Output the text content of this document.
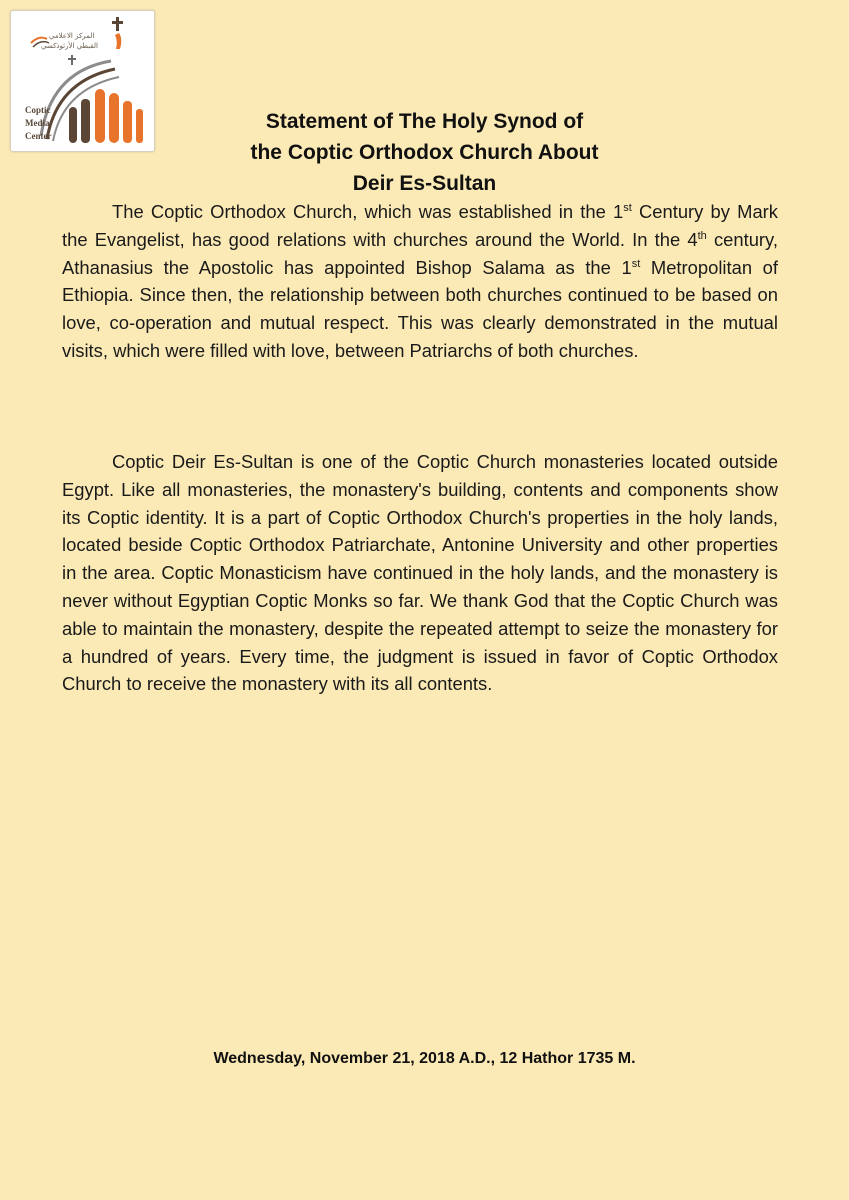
المركز الاعلامي
القبطي الأرثوذكسي
Coptic
Media
Center
Statement of The Holy Synod of
the Coptic Orthodox Church About
Deir Es-Sultan

The Coptic Orthodox Church, which was established in the 1st Century by Mark the Evangelist, has good relations with churches around the World. In the 4th century, Athanasius the Apostolic has appointed Bishop Salama as the 1st Metropolitan of Ethiopia. Since then, the relationship between both churches continued to be based on love, co-operation and mutual respect. This was clearly demonstrated in the mutual visits, which were filled with love, between Patriarchs of both churches.

Coptic Deir Es-Sultan is one of the Coptic Church monasteries located outside Egypt. Like all monasteries, the monastery's building, contents and components show its Coptic identity. It is a part of Coptic Orthodox Church's properties in the holy lands, located beside Coptic Orthodox Patriarchate, Antonine University and other properties in the area. Coptic Monasticism have continued in the holy lands, and the monastery is never without Egyptian Coptic Monks so far. We thank God that the Coptic Church was able to maintain the monastery, despite the repeated attempt to seize the monastery for a hundred of years. Every time, the judgment is issued in favor of Coptic Orthodox Church to receive the monastery with its all contents.

Wednesday, November 21, 2018 A.D., 12 Hathor 1735 M.
